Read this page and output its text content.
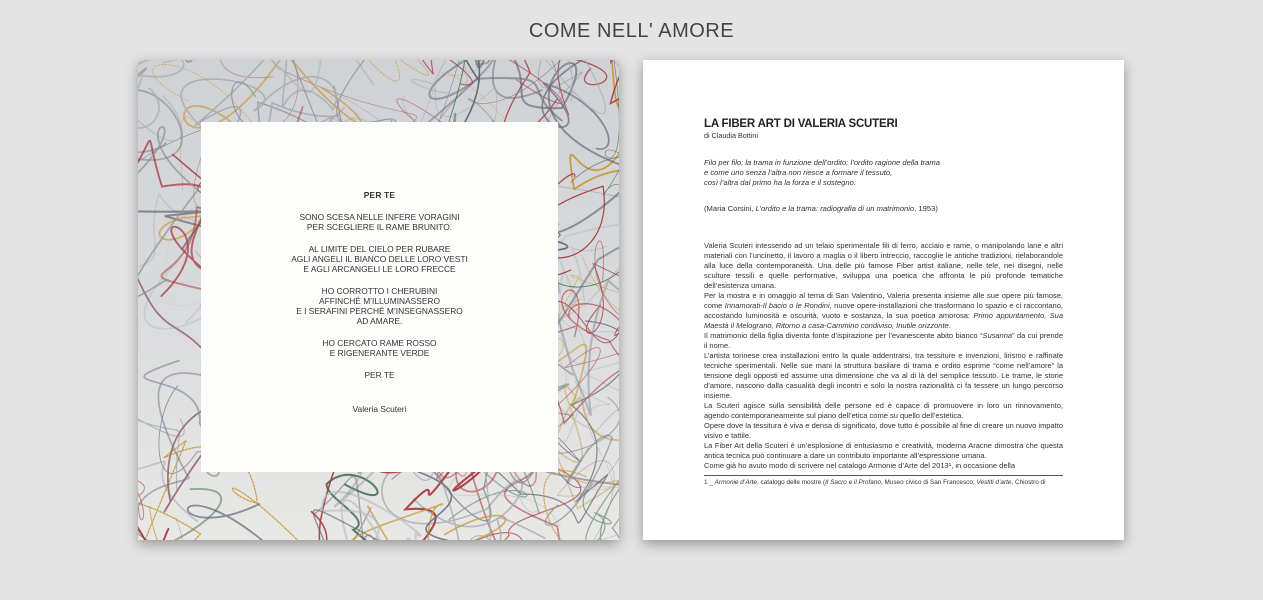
COME NELL' AMORE
PER TE
SONO SCESA NELLE INFERE VORAGINI
PER SCEGLIERE IL RAME BRUNITO.
AL LIMITE DEL CIELO PER RUBARE
AGLI ANGELI IL BIANCO DELLE LORO VESTI
E AGLI ARCANGELI LE LORO FRECCE
HO CORROTTO I CHERUBINI
AFFINCHÉ M’ILLUMINASSERO
E I SERAFINI PERCHÉ M’INSEGNASSERO
AD AMARE.
HO CERCATO RAME ROSSO
E RIGENERANTE VERDE
PER TE
Valeria Scuteri
LA FIBER ART DI VALERIA SCUTERI
di Claudia Bottini
Filo per filo; la trama in funzione dell’ordito; l’ordito ragione della trama
e come uno senza l’altra non riesce a formare il tessuto,
così l’altra dal primo ha la forza e il sostegno.
(Maria Corsini, L’ordito e la trama: radiografia di un matrimonio, 1953)

Valeria Scuteri intessendo ad un telaio sperimentale fili di ferro, acciaio e rame, o manipolando lane e altri materiali con l’uncinetto, il lavoro a maglia o il libero intreccio, raccoglie le antiche tradizioni, rielaborandole alla luce della contemporaneità. Una delle più famose Fiber artist italiane, nelle tele, nei disegni, nelle sculture tessili e quelle performative, sviluppa una poetica che affronta le più profonde tematiche dell’esistenza umana.

Per la mostra e in omaggio al tema di San Valentino, Valeria presenta insieme alle sue opere più famose, come Innamorati-Il bacio o le Rondini, nuove opere-installazioni che trasformano lo spazio e ci raccontano, accostando luminosità e oscurità, vuoto e sostanza, la sua poetica amorosa: Primo appuntamento, Sua Maestà il Melograno, Ritorno a casa-Cammino condiviso, Inutile orizzonte.

Il matrimonio della figlia diventa fonte d’ispirazione per l’evanescente abito bianco “Susanna” da cui prende il nome.

L’artista torinese crea installazioni entro la quale addentrarsi, tra tessiture e invenzioni, lirismo e raffinate tecniche sperimentali. Nelle sue mani la struttura basilare di trama e ordito esprime “come nell’amore” la tensione degli opposti ed assume una dimensione che va al di là del semplice tessuto. Le trame, le storie d’amore, nascono dalla casualità degli incontri e solo la nostra razionalità ci fa tessere un lungo percorso insieme.

La Scuteri agisce sulla sensibilità delle persone ed è capace di promuovere in loro un rinnovamento, agendo contemporaneamente sul piano dell’etica come su quello dell’estetica.

Opere dove la tessitura è viva e densa di significato, dove tutto è possibile al fine di creare un nuovo impatto visivo e tattile.

La Fiber Art della Scuteri è un’esplosione di entusiasmo e creatività, moderna Aracne dimostra che questa antica tecnica può continuare a dare un contributo importante all’espressione umana.

Come già ho avuto modo di scrivere nel catalogo Armonie d’Arte del 2013¹, in occasione della

1 _ Armonie d’Arte, catalogo delle mostre (Il Sacro e il Profano, Museo civico di San Francesco; Vestiti d’arte, Chiostro di
